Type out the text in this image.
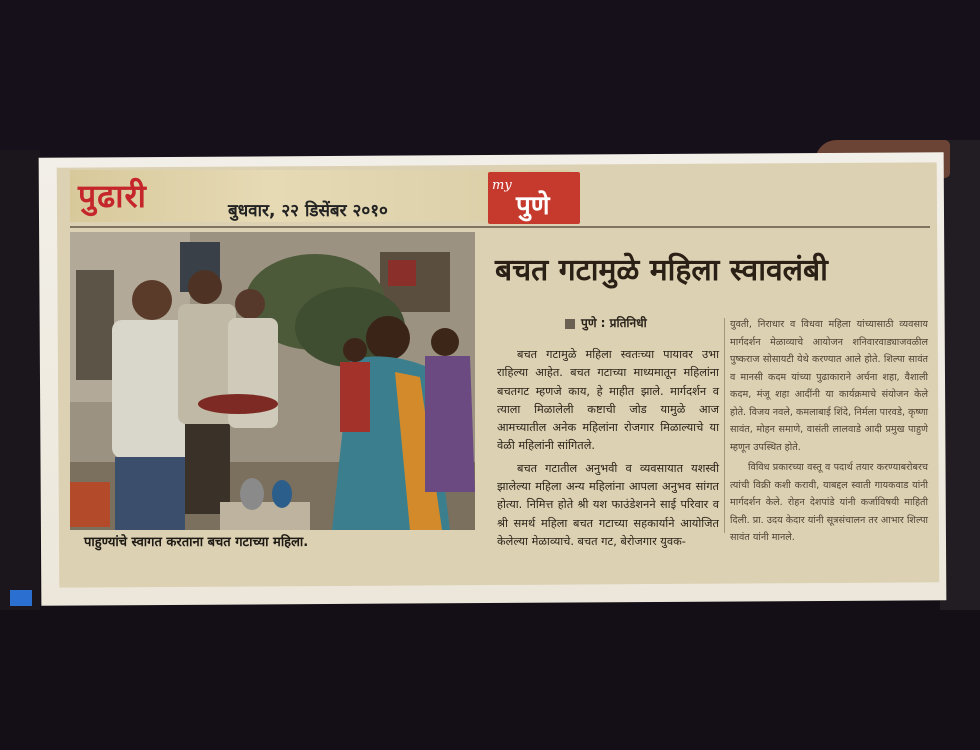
पुढारी	बुधवार, २२ डिसेंबर २०१०
my
पुणे
पाहुण्यांचे स्वागत करताना बचत गटाच्या महिला.
बचत गटामुळे महिला स्वावलंबी
पुणे : प्रतिनिधी

बचत गटामुळे महिला स्वतःच्या पायावर उभा राहिल्या आहेत. बचत गटाच्या माध्यमातून महिलांना बचतगट म्हणजे काय, हे माहीत झाले. मार्गदर्शन व त्याला मिळालेली कष्टाची जोड यामुळे आज आमच्यातील अनेक महिलांना रोजगार मिळाल्याचे या वेळी महिलांनी सांगितले.

बचत गटातील अनुभवी व व्यवसायात यशस्वी झालेल्या महिला अन्य महिलांना आपला अनुभव सांगत होत्या. निमित्त होते श्री यश फाउंडेशनने साई परिवार व श्री समर्थ महिला बचत गटाच्या सहकार्याने आयोजित केलेल्या मेळाव्याचे. बचत गट, बेरोजगार युवक-

युवती, निराधार व विधवा महिला यांच्यासाठी व्यवसाय मार्गदर्शन मेळाव्याचे आयोजन शनिवारवाड्याजवळील पुष्कराज सोसायटी येथे करण्यात आले होते. शिल्पा सावंत व मानसी कदम यांच्या पुढाकाराने अर्चना शहा, वैशाली कदम, मंजू शहा आदींनी या कार्यक्रमाचे संयोजन केले होते. विजय नवले, कमलाबाई शिंदे, निर्मला पारवडे, कृष्णा सावंत, मोहन समाणे, वासंती लालवाडे आदी प्रमुख पाहुणे म्हणून उपस्थित होते.

विविध प्रकारच्या वस्तू व पदार्थ तयार करण्याबरोबरच त्यांची विक्री कशी करावी, याबद्दल स्वाती गायकवाड यांनी मार्गदर्शन केले. रोहन देशपांडे यांनी कर्जाविषयी माहिती दिली. प्रा. उदय केदार यांनी सूत्रसंचालन तर आभार शिल्पा सावंत यांनी मानले.
